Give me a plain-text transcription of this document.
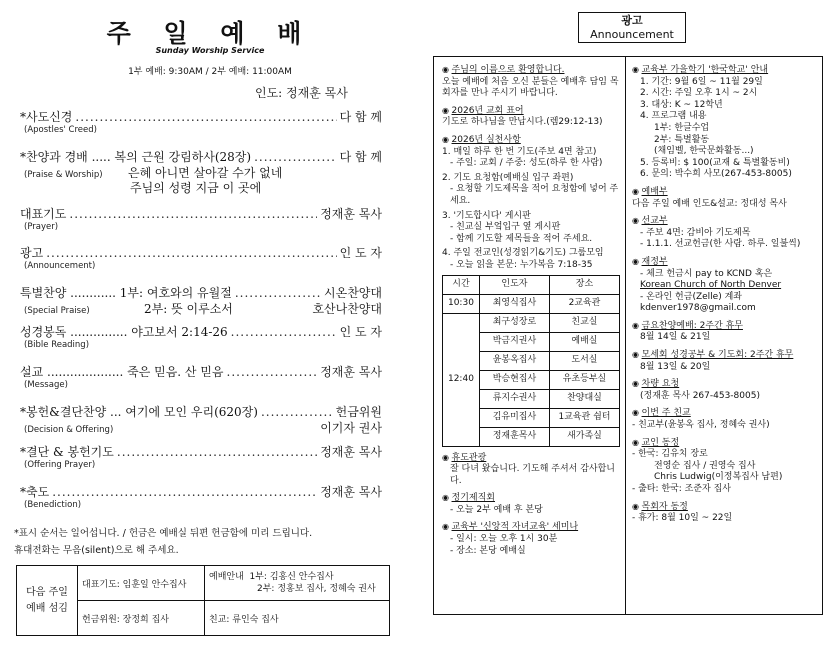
주 일 예 배
Sunday Worship Service
1부 예배: 9:30AM / 2부 예배: 11:00AM
인도: 정재훈 목사
*사도신경 .....	다 함 께
(Apostles' Creed)
*찬양과 경배 ..... 복의 근원 강림하사(28장) .....	다 함 께
(Praise & Worship)	은혜 아니면 살아갈 수가 없네
주님의 성령 지금 이 곳에
대표기도 .....	정재훈 목사
(Prayer)
광고 .....	인 도 자
(Announcement)
특별찬양 ............ 1부: 여호와의 유월절 .....	시온찬양대
(Special Praise)	2부: 뜻 이루소서	호산나찬양대
성경봉독 ............... 야고보서 2:14-26 .....	인 도 자
(Bible Reading)
설교 .................... 죽은 믿음. 산 믿음 .....	정재훈 목사
(Message)
*봉헌&결단찬양 ... 여기에 모인 우리(620장) .....	헌금위원
(Decision & Offering)	이기자 권사
*결단 & 봉헌기도 .....	정재훈 목사
(Offering Prayer)
*축도 .....	정재훈 목사
(Benediction)
*표시 순서는 일어섭니다. / 헌금은 예배실 뒤편 헌금함에 미리 드립니다.
휴대전화는 무음(silent)으로 해 주세요.
다음 주일 예배 섬김	대표기도: 임훈일 안수집사	예배안내
1부: 김홍신 안수집사
2부: 정홍보 집사, 정혜숙 권사

	헌금위원: 장정희 집사	친교: 류인숙 집사
광고
Announcement
◉ 주님의 이름으로 환영합니다.
오늘 예배에 처음 오신 분들은 예배후 담임 목회자를 만나 주시기 바랍니다.
◉ 2026년 교회 표어
기도로 하나님을 만납시다.(렘29:12-13)
◉ 2026년 실천사항
1. 매일 하루 한 번 기도(주보 4면 참고)
- 주일: 교회 / 주중: 성도(하루 한 사람)
2. 기도 요청함(예배실 입구 좌편)
- 요청할 기도제목을 적어 요청함에 넣어 주세요.
3. '기도합시다' 게시판
- 친교실 부엌입구 옆 게시판
- 함께 기도할 제목들을 적어 주세요.
4. 주일 전교인(성경읽기&기도) 그룹모임
- 오늘 읽을 본문: 누가복음 7:18-35
시간	인도자	장소
10:30	최영식집사	2교육관
12:40	최구성장로	친교실
	박금지권사	예배실
	윤봉옥집사	도서실
	박승현집사	유초등부실
	류지수권사	찬양대실
	김유미집사	1교육관 쉼터
	정재훈목사	새가족실
◉ 휴도관광
잘 다녀 왔습니다. 기도해 주셔서 감사합니다.
◉ 정기제직회
- 오늘 2부 예배 후 본당
◉ 교육부 '신앙적 자녀교육' 세미나
- 일시: 오늘 오후 1시 30분
- 장소: 본당 예배실
◉ 교육부 가을학기 '한국학교' 안내
1. 기간: 9월 6일 ~ 11월 29일
2. 시간: 주일 오후 1시 ~ 2시
3. 대상: K ~ 12학년
4. 프로그램 내용
1부: 한글수업
2부: 특별활동
(채임벨, 한국문화활동...)
5. 등록비: $ 100(교재 & 특별활동비)
6. 문의: 박수희 사모(267-453-8005)
◉ 예배부
다음 주일 예배 인도&설교: 정대성 목사
◉ 선교부
- 주보 4면: 감비아 기도제목
- 1.1.1. 선교헌금(한 사람. 하루. 일불씩)
◉ 재정부
- 체크 헌금시 pay to KCND 혹은
Korean Church of North Denver
- 온라인 헌금(Zelle) 계좌
kdenver1978@gmail.com
◉ 금요찬양예배: 2주간 휴무
8월 14일 & 21일
◉ 모세회 성경공부 & 기도회: 2주간 휴무
8월 13일 & 20일
◉ 차량 요청
(정재훈 목사 267-453-8005)
◉ 이번 주 친교
- 친교부(윤봉옥 집사, 정혜숙 권사)
◉ 교인 동정
- 한국: 김유치 장로
전영순 집사 / 권영숙 집사
Chris Ludwig(이정복집사 남편)
- 출타: 한국: 조준자 집사
◉ 목회자 동정
- 휴가: 8월 10일 ~ 22일
